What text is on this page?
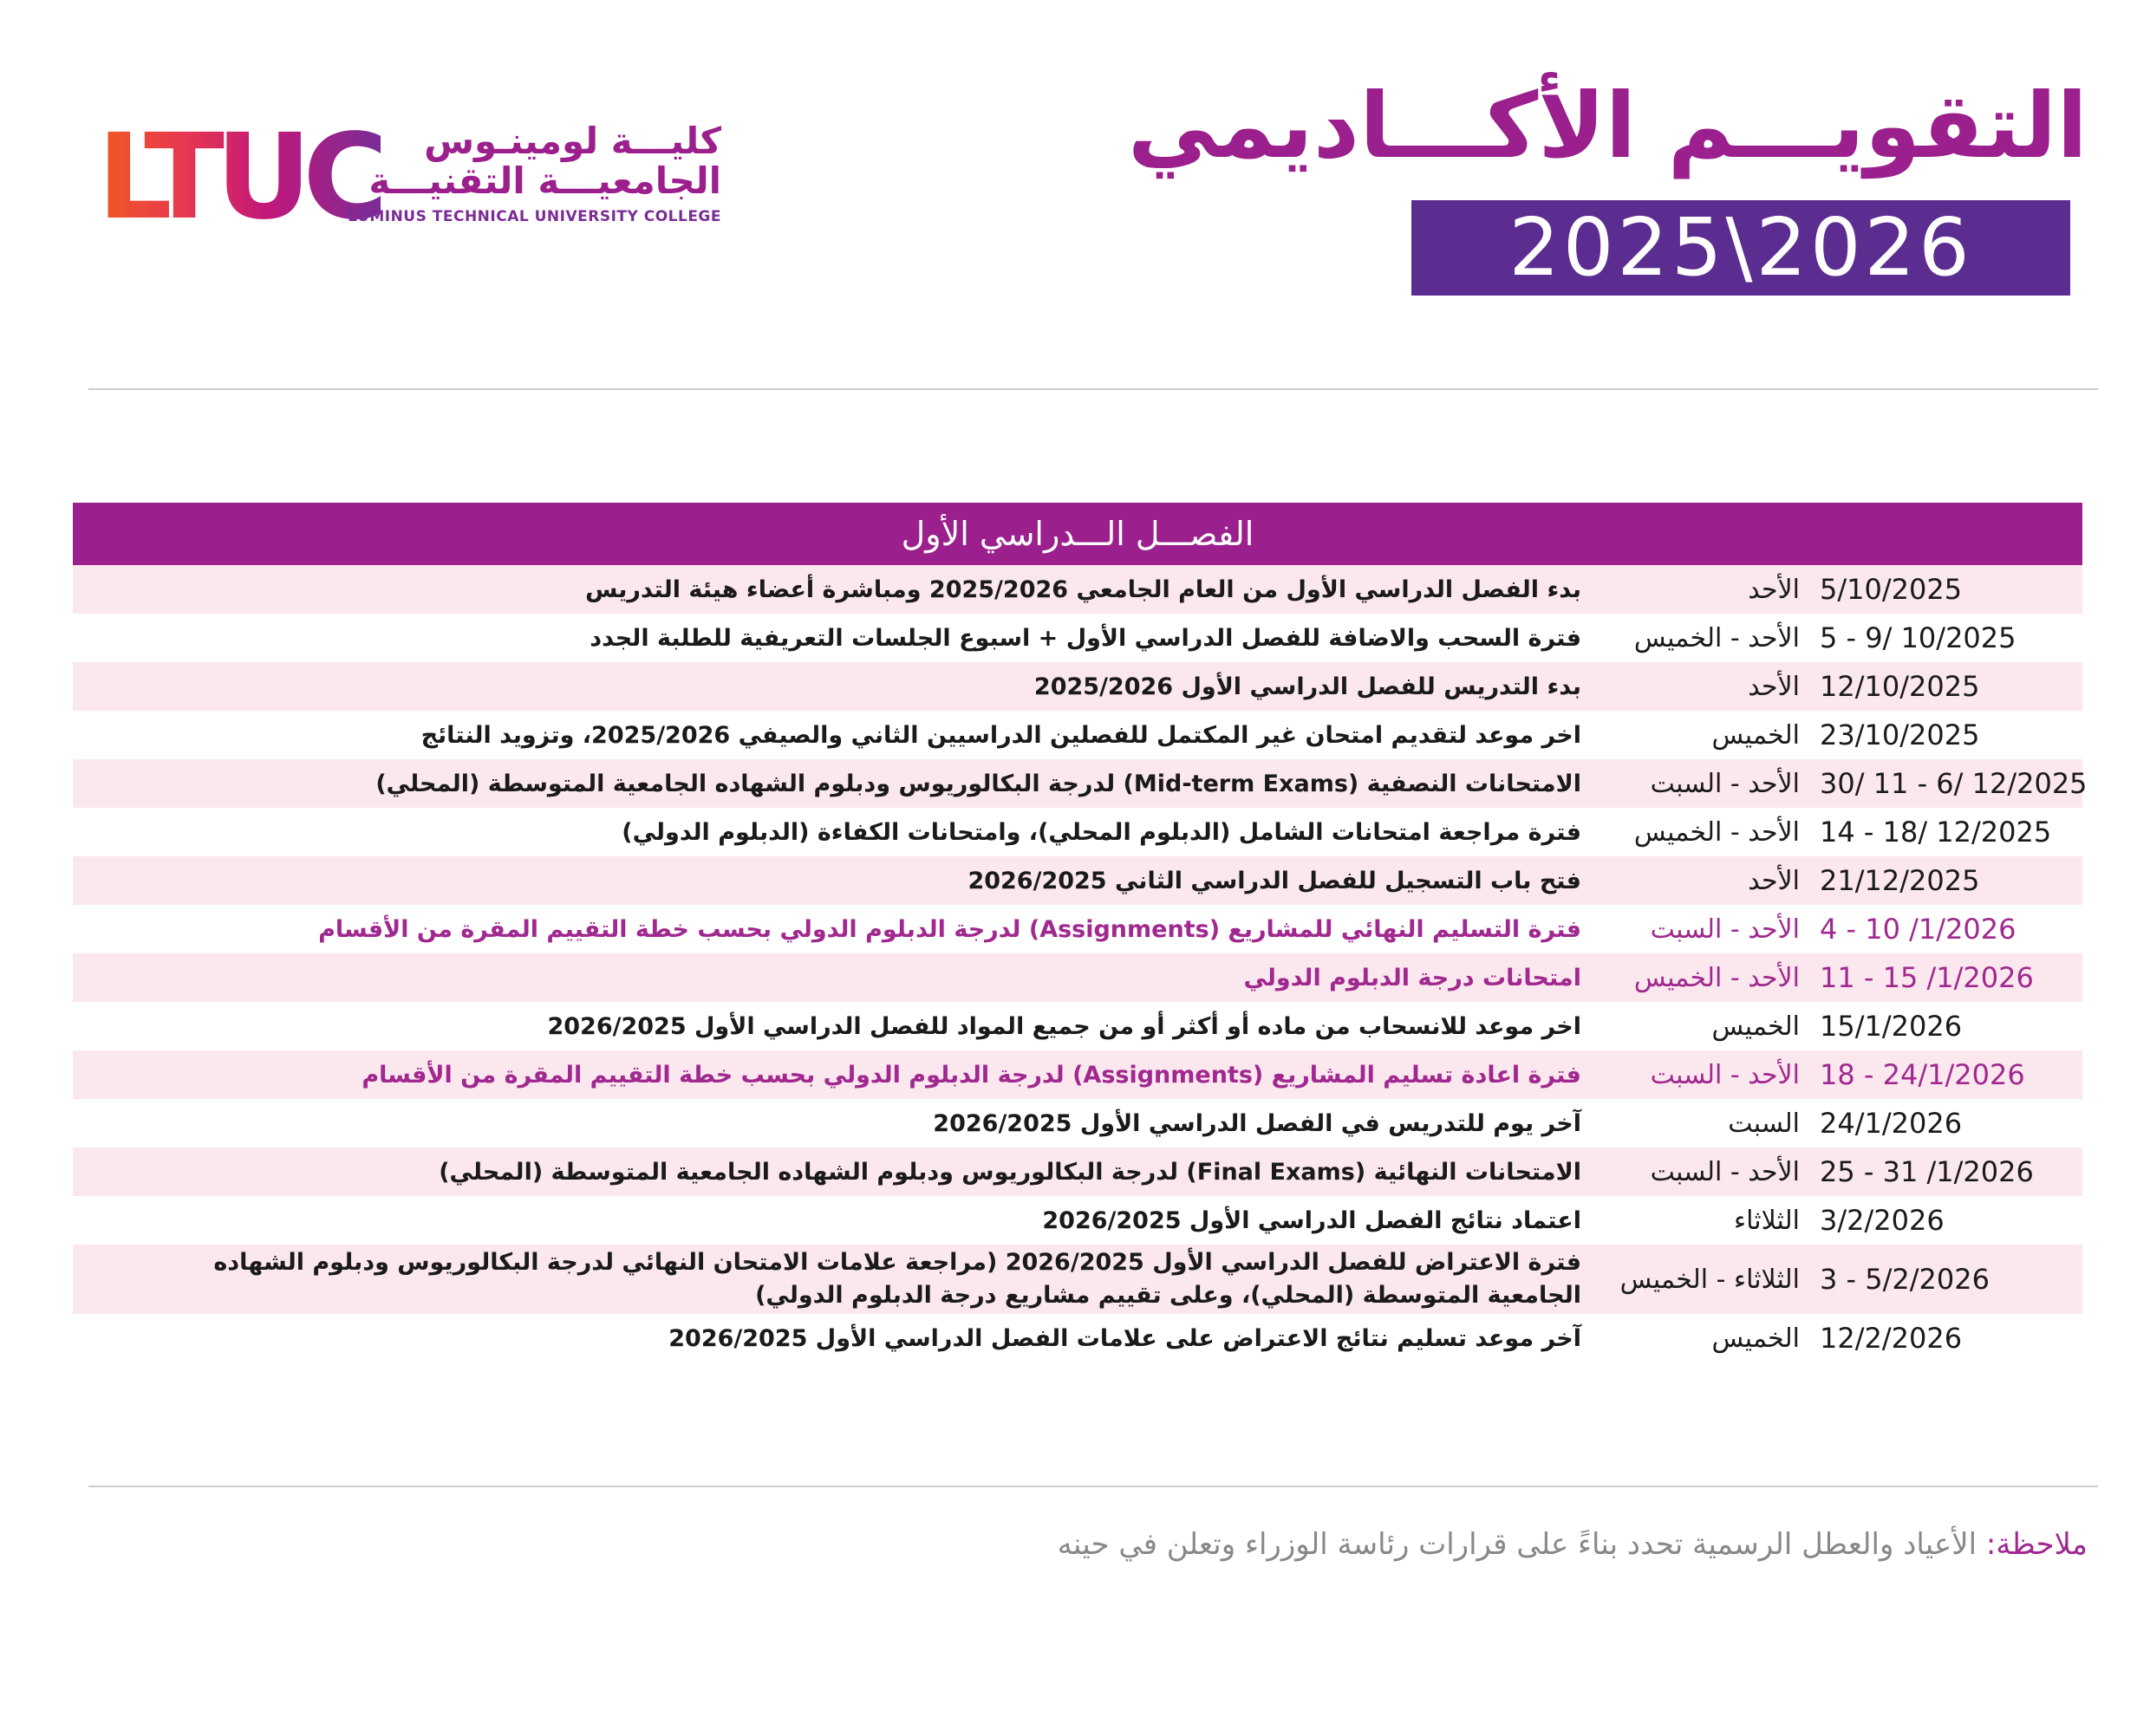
LTUC كليـــة لومينـوس
الجامعيـــة التقنيـــة
LUMINUS TECHNICAL UNIVERSITY COLLEGE
التقويـــم الأكـــاديمي
2025\2026
الفصـــل الـــدراسي الأول
5/10/2025
الأحد
بدء الفصل الدراسي الأول من العام الجامعي 2025/2026 ومباشرة أعضاء هيئة التدريس
5 - 9/ 10/2025
الأحد - الخميس
فترة السحب والاضافة للفصل الدراسي الأول + اسبوع الجلسات التعريفية للطلبة الجدد
12/10/2025
الأحد
بدء التدريس للفصل الدراسي الأول 2025/2026
23/10/2025
الخميس
اخر موعد لتقديم امتحان غير المكتمل للفصلين الدراسيين الثاني والصيفي 2025/2026، وتزويد النتائج
30/ 11 - 6/ 12/2025
الأحد - السبت
الامتحانات النصفية (Mid-term Exams) لدرجة البكالوريوس ودبلوم الشهاده الجامعية المتوسطة (المحلي)
14 - 18/ 12/2025
الأحد - الخميس
فترة مراجعة امتحانات الشامل (الدبلوم المحلي)، وامتحانات الكفاءة (الدبلوم الدولي)
21/12/2025
الأحد
فتح باب التسجيل للفصل الدراسي الثاني 2026/2025
4 - 10 /1/2026
الأحد - السبت
فترة التسليم النهائي للمشاريع (Assignments) لدرجة الدبلوم الدولي بحسب خطة التقييم المقرة من الأقسام
11 - 15 /1/2026
الأحد - الخميس
امتحانات درجة الدبلوم الدولي
15/1/2026
الخميس
اخر موعد للانسحاب من ماده أو أكثر أو من جميع المواد للفصل الدراسي الأول 2026/2025
18 - 24/1/2026
الأحد - السبت
فترة اعادة تسليم المشاريع (Assignments) لدرجة الدبلوم الدولي بحسب خطة التقييم المقرة من الأقسام
24/1/2026
السبت
آخر يوم للتدريس في الفصل الدراسي الأول 2026/2025
25 - 31 /1/2026
الأحد - السبت
الامتحانات النهائية (Final Exams) لدرجة البكالوريوس ودبلوم الشهاده الجامعية المتوسطة (المحلي)
3/2/2026
الثلاثاء
اعتماد نتائج الفصل الدراسي الأول 2026/2025
3 - 5/2/2026
الثلاثاء - الخميس
فترة الاعتراض للفصل الدراسي الأول 2026/2025 (مراجعة علامات الامتحان النهائي لدرجة البكالوريوس ودبلوم الشهاده الجامعية المتوسطة (المحلي)، وعلى تقييم مشاريع درجة الدبلوم الدولي)
12/2/2026
الخميس
آخر موعد تسليم نتائج الاعتراض على علامات الفصل الدراسي الأول 2026/2025
ملاحظة: الأعياد والعطل الرسمية تحدد بناءً على قرارات رئاسة الوزراء وتعلن في حينه
